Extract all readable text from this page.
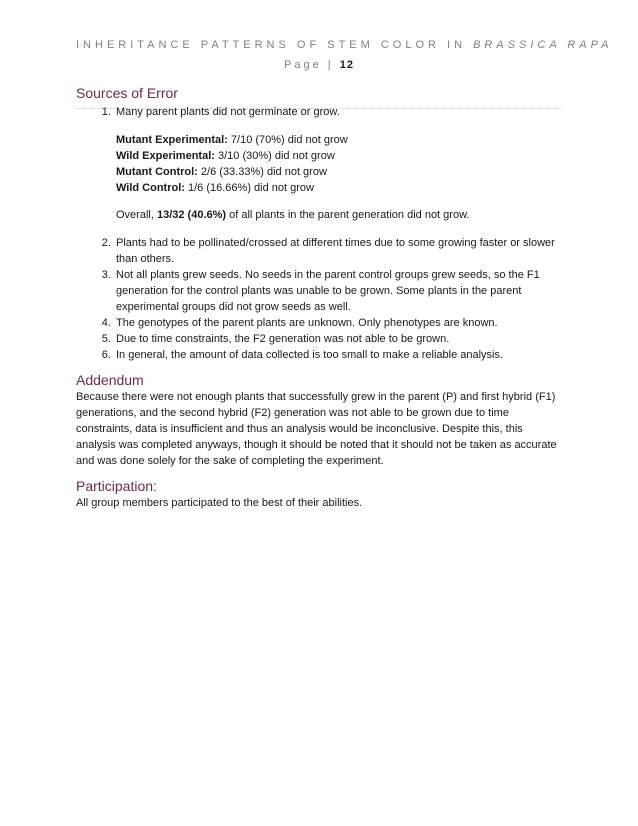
INHERITANCE PATTERNS OF STEM COLOR IN BRASSICA RAPA
Page | 12
Sources of Error
1. Many parent plants did not germinate or grow.
Mutant Experimental: 7/10 (70%) did not grow
Wild Experimental: 3/10 (30%) did not grow
Mutant Control: 2/6 (33.33%) did not grow
Wild Control: 1/6 (16.66%) did not grow
Overall, 13/32 (40.6%) of all plants in the parent generation did not grow.
2. Plants had to be pollinated/crossed at different times due to some growing faster or slower than others.
3. Not all plants grew seeds. No seeds in the parent control groups grew seeds, so the F1 generation for the control plants was unable to be grown. Some plants in the parent experimental groups did not grow seeds as well.
4. The genotypes of the parent plants are unknown. Only phenotypes are known.
5. Due to time constraints, the F2 generation was not able to be grown.
6. In general, the amount of data collected is too small to make a reliable analysis.
Addendum

Because there were not enough plants that successfully grew in the parent (P) and first hybrid (F1) generations, and the second hybrid (F2) generation was not able to be grown due to time constraints, data is insufficient and thus an analysis would be inconclusive. Despite this, this analysis was completed anyways, though it should be noted that it should not be taken as accurate and was done solely for the sake of completing the experiment.

Participation:

All group members participated to the best of their abilities.
